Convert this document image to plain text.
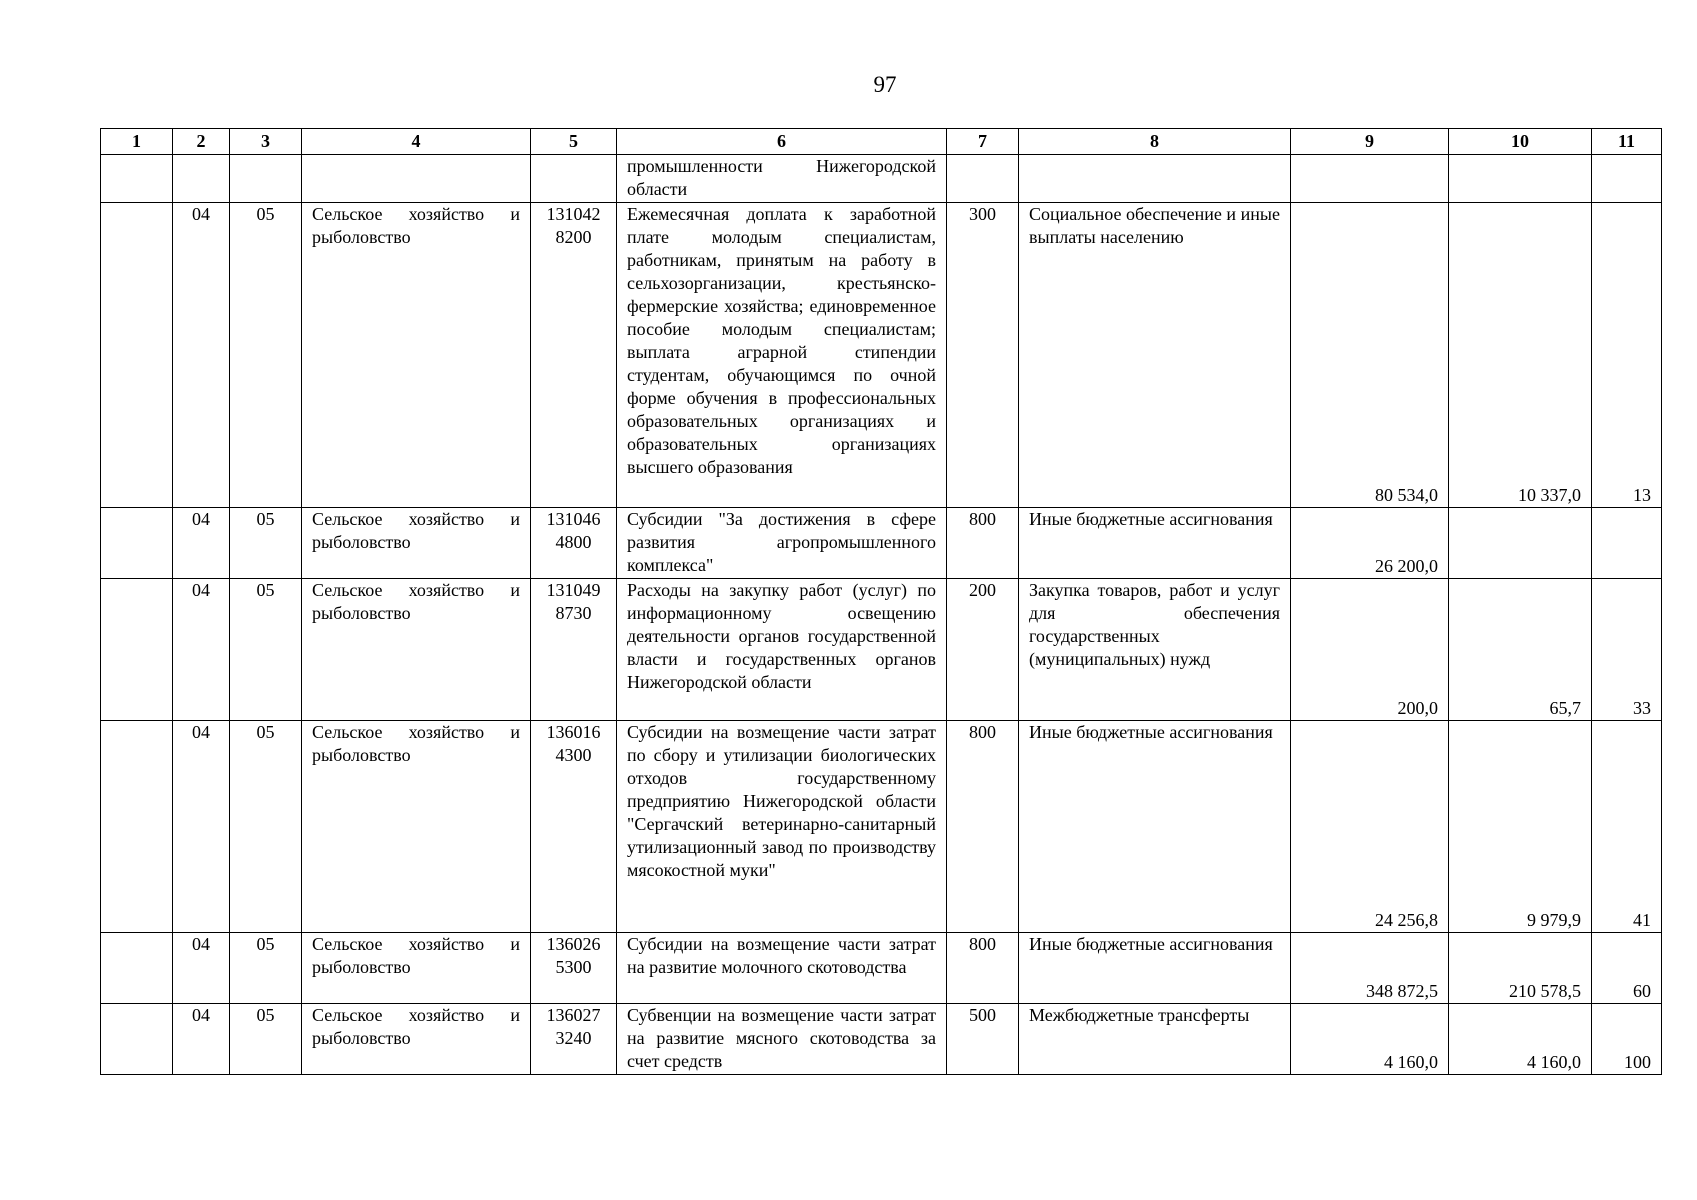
97
1	2	3	4	5	6	7	8	9	10	11
					промышленности Нижегородской области					
	04	05	Сельское хозяйство и рыболовство	131042 8200	Ежемесячная доплата к заработной плате молодым специалистам, работникам, принятым на работу в сельхозорганизации, крестьянско-фермерские хозяйства; единовременное пособие молодым специалистам; выплата аграрной стипендии студентам, обучающимся по очной форме обучения в профессиональных образовательных организациях и образовательных организациях высшего образования	300	Социальное обеспечение и иные выплаты населению	80 534,0	10 337,0	13
	04	05	Сельское хозяйство и рыболовство	131046 4800	Субсидии "За достижения в сфере развития агропромышленного комплекса"	800	Иные бюджетные ассигнования	26 200,0		
	04	05	Сельское хозяйство и рыболовство	131049 8730	Расходы на закупку работ (услуг) по информационному освещению деятельности органов государственной власти и государственных органов Нижегородской области	200	Закупка товаров, работ и услуг для обеспечения государственных (муниципальных) нужд	200,0	65,7	33
	04	05	Сельское хозяйство и рыболовство	136016 4300	Субсидии на возмещение части затрат по сбору и утилизации биологических отходов государственному предприятию Нижегородской области "Сергачский ветеринарно-санитарный утилизационный завод по производству мясокостной муки"	800	Иные бюджетные ассигнования	24 256,8	9 979,9	41
	04	05	Сельское хозяйство и рыболовство	136026 5300	Субсидии на возмещение части затрат на развитие молочного скотоводства	800	Иные бюджетные ассигнования	348 872,5	210 578,5	60
	04	05	Сельское хозяйство и рыболовство	136027 3240	Субвенции на возмещение части затрат на развитие мясного скотоводства за счет средств	500	Межбюджетные трансферты	4 160,0	4 160,0	100
